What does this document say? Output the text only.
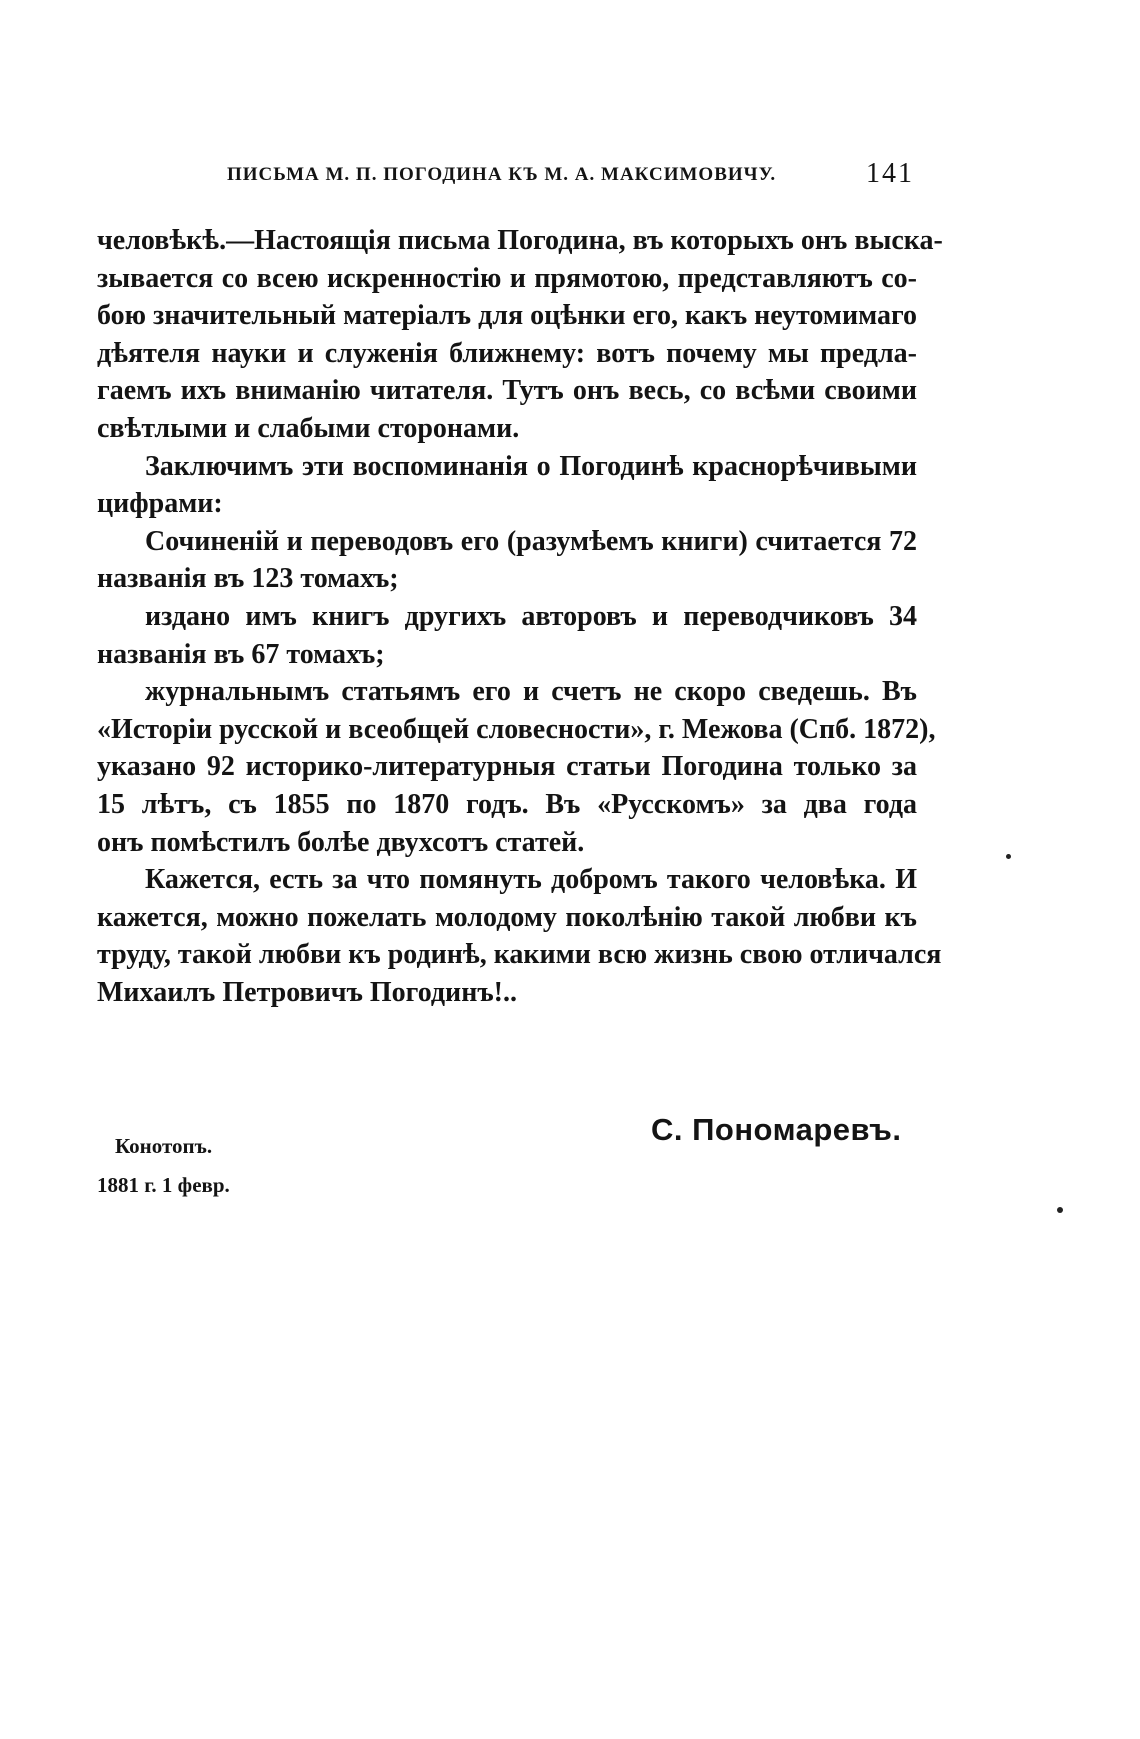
ПИСЬМА М. П. ПОГОДИНА КЪ М. А. МАКСИМОВИЧУ.	141
человѣкѣ.—Настоящія письма Погодина, въ которыхъ онъ выска-
зывается со всею искренностію и прямотою, представляютъ со-
бою значительный матеріалъ для оцѣнки его, какъ неутомимаго
дѣятеля науки и служенія ближнему: вотъ почему мы предла-
гаемъ ихъ вниманію читателя. Тутъ онъ весь, со всѣми своими
свѣтлыми и слабыми сторонами.
Заключимъ эти воспоминанія о Погодинѣ краснорѣчивыми
цифрами:
Сочиненій и переводовъ его (разумѣемъ книги) считается 72
названія въ 123 томахъ;
издано имъ книгъ другихъ авторовъ и переводчиковъ 34
названія въ 67 томахъ;
журнальнымъ статьямъ его и счетъ не скоро сведешь. Въ
«Исторіи русской и всеобщей словесности», г. Межова (Спб. 1872),
указано 92 историко-литературныя статьи Погодина только за
15 лѣтъ, съ 1855 по 1870 годъ. Въ «Русскомъ» за два года
онъ помѣстилъ болѣе двухсотъ статей.
Кажется, есть за что помянуть добромъ такого человѣка. И
кажется, можно пожелать молодому поколѣнію такой любви къ
труду, такой любви къ родинѣ, какими всю жизнь свою отличался
Михаилъ Петровичъ Погодинъ!..
С. Пономаревъ.
Конотопъ.
1881 г. 1 февр.
